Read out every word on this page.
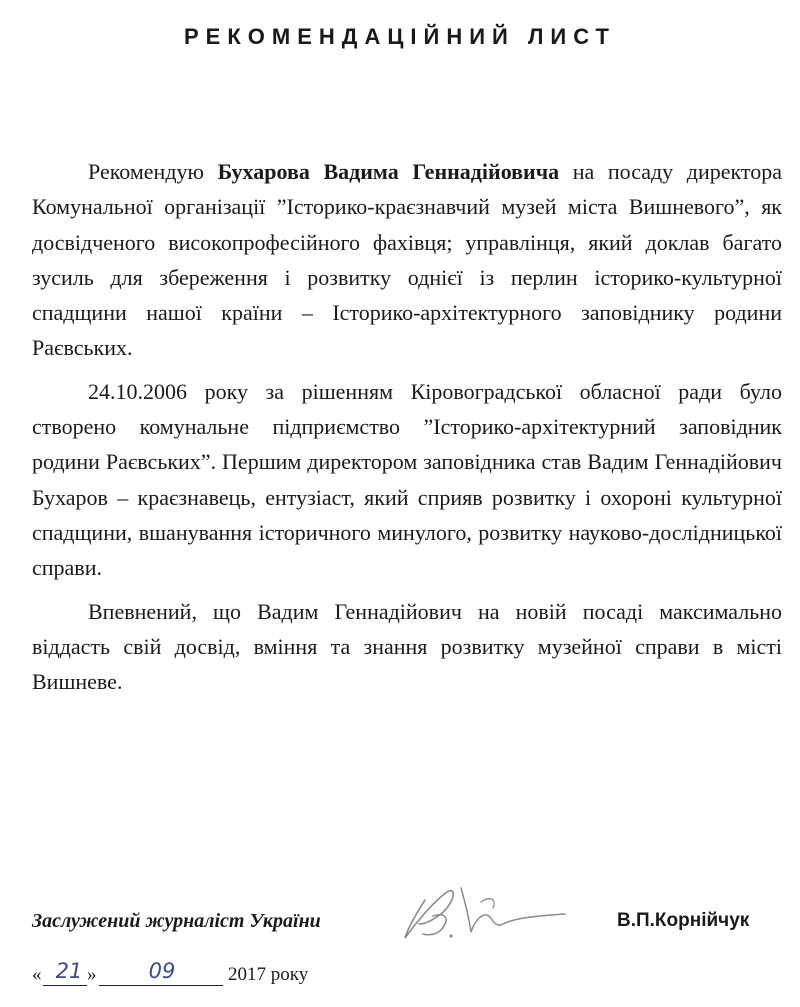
РЕКОМЕНДАЦІЙНИЙ ЛИСТ

Рекомендую Бухарова Вадима Геннадійовича на посаду директора Комунальної організації ”Історико-краєзнавчий музей міста Вишневого”, як досвідченого високопрофесійного фахівця; управлінця, який доклав багато зусиль для збереження і розвитку однієї із перлин історико-культурної спадщини нашої країни – Історико-архітектурного заповіднику родини Раєвських.

24.10.2006 року за рішенням Кіровоградської обласної ради було створено комунальне підприємство ”Історико-архітектурний заповідник родини Раєвських”. Першим директором заповідника став Вадим Геннадійович Бухаров – краєзнавець, ентузіаст, який сприяв розвитку і охороні культурної спадщини, вшанування історичного минулого, розвитку науково-дослідницької справи.

Впевнений, що Вадим Геннадійович на новій посаді максимально віддасть свій досвід, вміння та знання розвитку музейної справи в місті Вишневе.

Заслужений журналіст України	В.П.Корнійчук
« 21 »	09	2017 року
